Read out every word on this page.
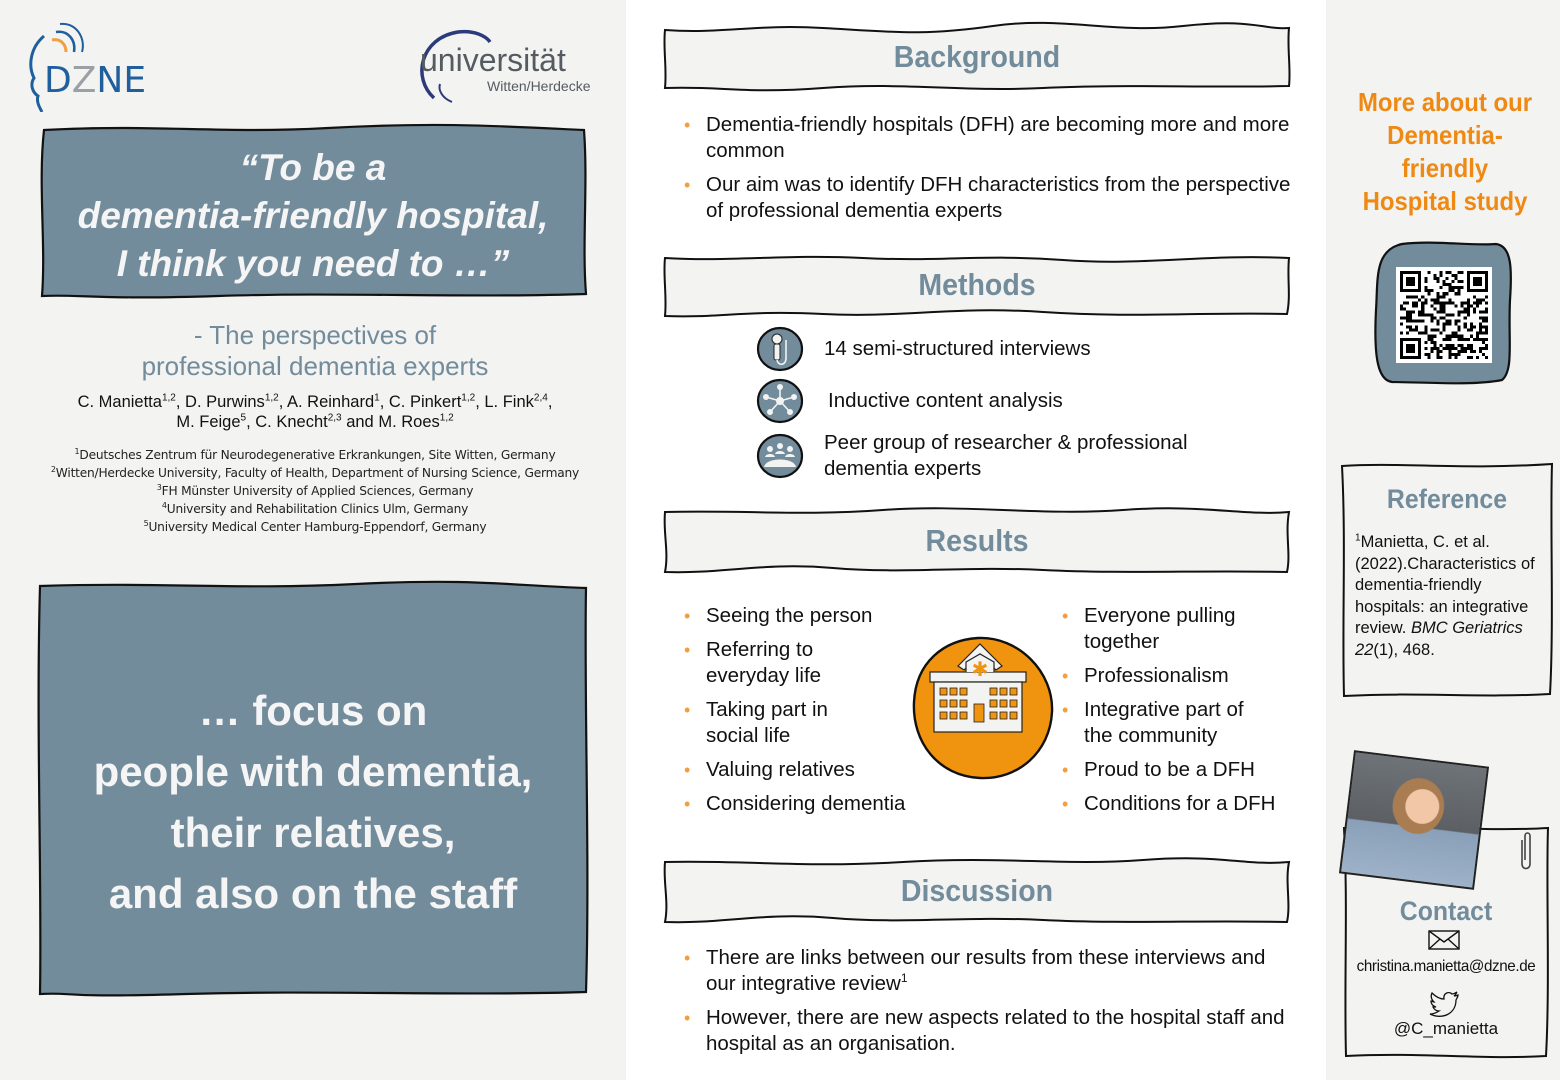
DZNE	universität
Witten/Herdecke
“To be a
dementia-friendly hospital,
I think you need to …”
- The perspectives of
professional dementia experts
C. Manietta$^{1,2}$, D. Purwins$^{1,2}$, A. Reinhard$^1$, C. Pinkert$^{1,2}$, L. Fink$^{2,4}$,
M. Feige$^5$, C. Knecht$^{2,3}$ and M. Roes$^{1,2}$
$^1$Deutsches Zentrum für Neurodegenerative Erkrankungen, Site Witten, Germany
$^2$Witten/Herdecke University, Faculty of Health, Department of Nursing Science, Germany
$^3$FH Münster University of Applied Sciences, Germany
$^4$University and Rehabilitation Clinics Ulm, Germany
$^5$University Medical Center Hamburg-Eppendorf, Germany
… focus on
people with dementia,
their relatives,
and also on the staff
Background
• Dementia-friendly hospitals (DFH) are becoming more and more common
• Our aim was to identify DFH characteristics from the perspective of professional dementia experts
Methods
14 semi-structured interviews
Inductive content analysis
Peer group of researcher & professional dementia experts
Results
• Seeing the person
• Referring to everyday life
• Taking part in social life
• Valuing relatives
• Considering dementia
✱
• Everyone pulling together
• Professionalism
• Integrative part of the community
• Proud to be a DFH
• Conditions for a DFH
Discussion
• There are links between our results from these interviews and our integrative review$^1$
• However, there are new aspects related to the hospital staff and hospital as an organisation.
More about our
Dementia-
friendly
Hospital study
Reference
$^1$Manietta, C. et al. (2022).Characteristics of dementia-friendly hospitals: an integrative review. BMC Geriatrics 22(1), 468.
Contact
christina.manietta@dzne.de
@C_manietta
